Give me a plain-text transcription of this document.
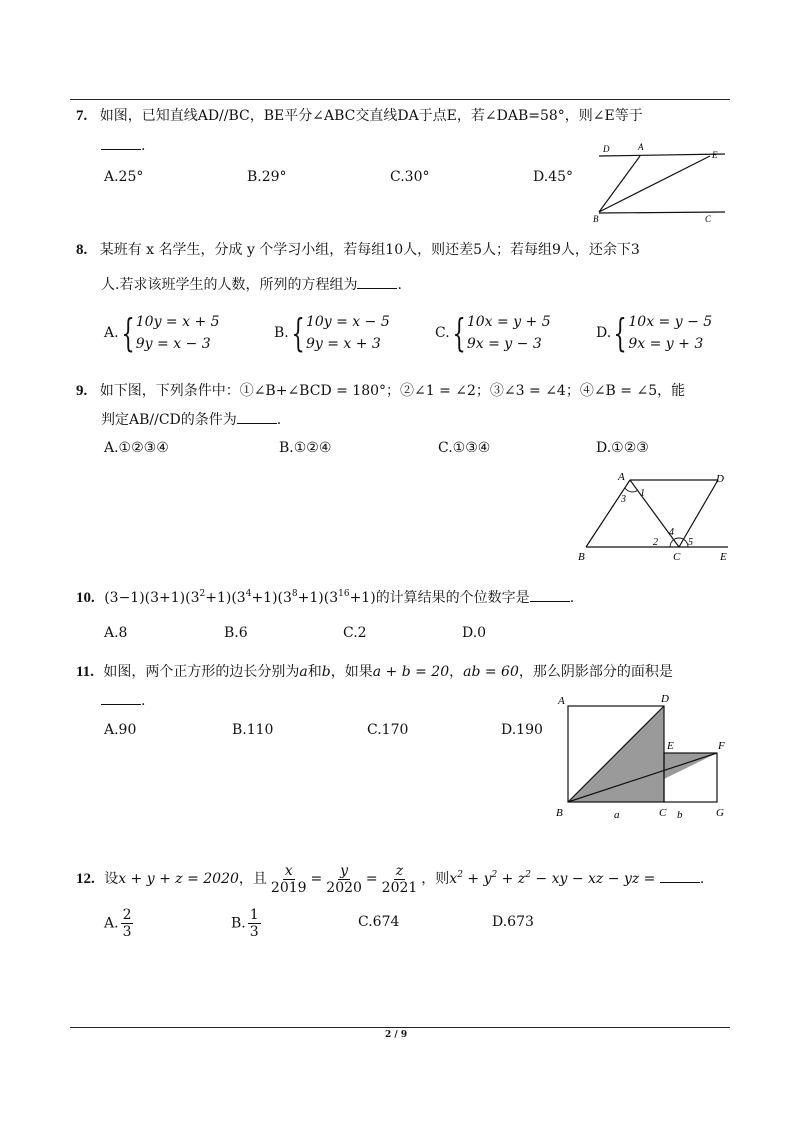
2 / 9
7. 如图，已知直线AD//BC，BE平分∠ABC交直线DA于点E，若∠DAB=58°，则∠E等于
.
A.25°	B.29°	C.30°	D.45°
D	A
E
B	C
8. 某班有 x 名学生，分成 y 个学习小组，若每组10人，则还差5人；若每组9人，还余下3
人.若求该班学生的人数，所列的方程组为	.
A.{ 10y = x + 5
9y = x − 3
B.{ 10y = x − 5
9y = x + 3
C.{ 10x = y + 5
9x = y − 3
D.{ 10x = y − 5
9x = y + 3
9. 如下图，下列条件中：①∠B+∠BCD = 180°；②∠1 = ∠2；③∠3 = ∠4；④∠B = ∠5，能
判定AB//CD的条件为	.
A.①②③④	B.①②④	C.①③④	D.①②③
A	D
3
1
4
2	5
B	C	E
10. $(3-1)(3+1)(3^2+1)(3^4+1)(3^8+1)(3^{16}+1)$的计算结果的个位数字是	.
A.8	B.6	C.2	D.0
11. 如图，两个正方形的边长分别为a和b，如果a + b = 20，ab = 60，那么阴影部分的面积是
.
A.90	B.110	C.170	D.190
A	D
E	F
B	a	C b	G
12. 设x + y + z = 2020，且 $\frac{x}{2019} = \frac{y}{2020} = \frac{z}{2021}$ ，则$x^2 + y^2 + z^2$ − xy − xz − yz =	.
A. $\frac{2}{3}$	B. $\frac{1}{3}$	C.674	D.673
